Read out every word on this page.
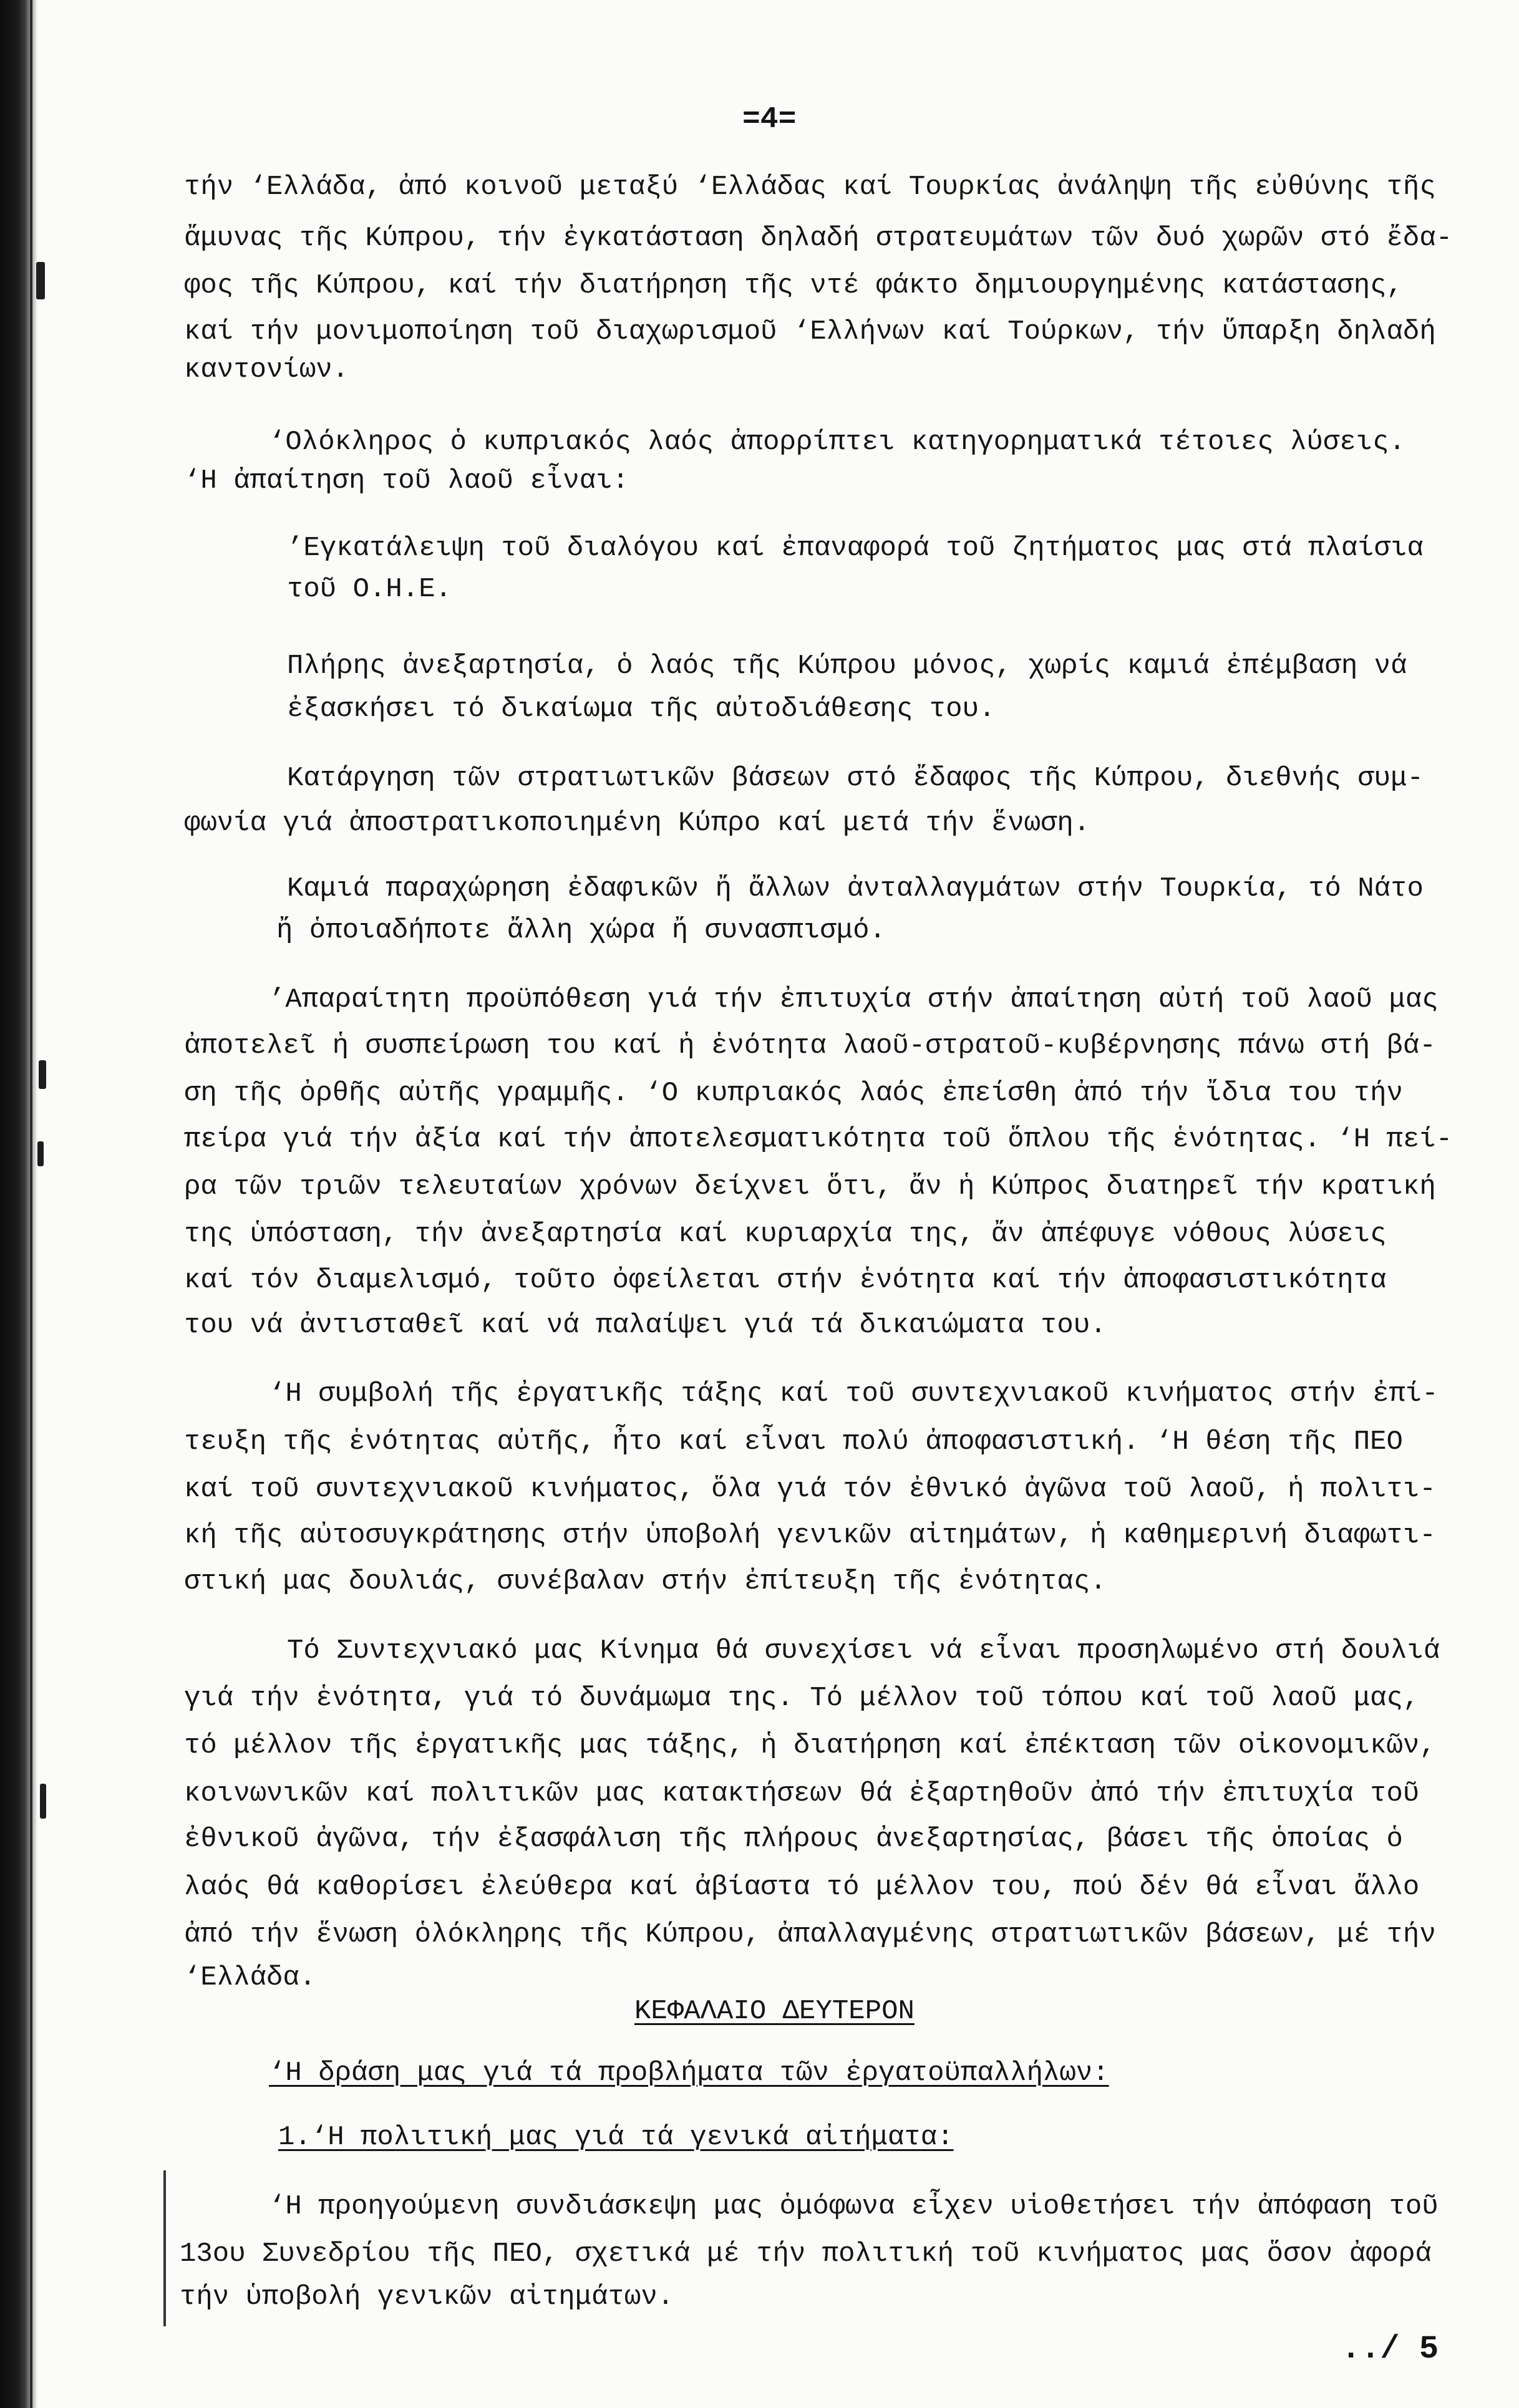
=4=
τήν ‘Ελλάδα, ἀπό κοινοῦ μεταξύ ‘Ελλάδας καί Τουρκίας ἀνάληψη τῆς εὐθύνης τῆς
ἄμυνας τῆς Κύπρου, τήν ἐγκατάσταση δηλαδή στρατευμάτων τῶν δυό χωρῶν στό ἔδα-
φος τῆς Κύπρου, καί τήν διατήρηση τῆς ντέ φάκτο δημιουργημένης κατάστασης,
καί τήν μονιμοποίηση τοῦ διαχωρισμοῦ ‘Ελλήνων καί Τούρκων, τήν ὕπαρξη δηλαδή
καντονίων.
‘Ολόκληρος ὁ κυπριακός λαός ἀπορρίπτει κατηγορηματικά τέτοιες λύσεις.
‘Η ἀπαίτηση τοῦ λαοῦ εἶναι:
’Εγκατάλειψη τοῦ διαλόγου καί ἐπαναφορά τοῦ ζητήματος μας στά πλαίσια
τοῦ Ο.Η.Ε.
Πλήρης ἀνεξαρτησία, ὁ λαός τῆς Κύπρου μόνος, χωρίς καμιά ἐπέμβαση νά
ἐξασκήσει τό δικαίωμα τῆς αὐτοδιάθεσης του.
Κατάργηση τῶν στρατιωτικῶν βάσεων στό ἔδαφος τῆς Κύπρου, διεθνής συμ-
φωνία γιά ἀποστρατικοποιημένη Κύπρο καί μετά τήν ἕνωση.
Καμιά παραχώρηση ἐδαφικῶν ἤ ἄλλων ἀνταλλαγμάτων στήν Τουρκία, τό Νάτο
ἤ ὁποιαδήποτε ἄλλη χώρα ἤ συνασπισμό.
’Απαραίτητη προϋπόθεση γιά τήν ἐπιτυχία στήν ἀπαίτηση αὐτή τοῦ λαοῦ μας
ἀποτελεῖ ἡ συσπείρωση του καί ἡ ἑνότητα λαοῦ-στρατοῦ-κυβέρνησης πάνω στή βά-
ση τῆς ὀρθῆς αὐτῆς γραμμῆς. ‘Ο κυπριακός λαός ἐπείσθη ἀπό τήν ἴδια του τήν
πείρα γιά τήν ἀξία καί τήν ἀποτελεσματικότητα τοῦ ὅπλου τῆς ἑνότητας. ‘Η πεί-
ρα τῶν τριῶν τελευταίων χρόνων δείχνει ὅτι, ἄν ἡ Κύπρος διατηρεῖ τήν κρατική
της ὑπόσταση, τήν ἀνεξαρτησία καί κυριαρχία της, ἄν ἀπέφυγε νόθους λύσεις
καί τόν διαμελισμό, τοῦτο ὀφείλεται στήν ἑνότητα καί τήν ἀποφασιστικότητα
του νά ἀντισταθεῖ καί νά παλαίψει γιά τά δικαιώματα του.
‘Η συμβολή τῆς ἐργατικῆς τάξης καί τοῦ συντεχνιακοῦ κινήματος στήν ἐπί-
τευξη τῆς ἑνότητας αὐτῆς, ἦτο καί εἶναι πολύ ἀποφασιστική. ‘Η θέση τῆς ΠΕΟ
καί τοῦ συντεχνιακοῦ κινήματος, ὅλα γιά τόν ἐθνικό ἀγῶνα τοῦ λαοῦ, ἡ πολιτι-
κή τῆς αὐτοσυγκράτησης στήν ὑποβολή γενικῶν αἰτημάτων, ἡ καθημερινή διαφωτι-
στική μας δουλιάς, συνέβαλαν στήν ἐπίτευξη τῆς ἑνότητας.
Τό Συντεχνιακό μας Κίνημα θά συνεχίσει νά εἶναι προσηλωμένο στή δουλιά
γιά τήν ἑνότητα, γιά τό δυνάμωμα της. Τό μέλλον τοῦ τόπου καί τοῦ λαοῦ μας,
τό μέλλον τῆς ἐργατικῆς μας τάξης, ἡ διατήρηση καί ἐπέκταση τῶν οἰκονομικῶν,
κοινωνικῶν καί πολιτικῶν μας κατακτήσεων θά ἐξαρτηθοῦν ἀπό τήν ἐπιτυχία τοῦ
ἐθνικοῦ ἀγῶνα, τήν ἐξασφάλιση τῆς πλήρους ἀνεξαρτησίας, βάσει τῆς ὁποίας ὁ
λαός θά καθορίσει ἐλεύθερα καί ἀβίαστα τό μέλλον του, πού δέν θά εἶναι ἄλλο
ἀπό τήν ἕνωση ὁλόκληρης τῆς Κύπρου, ἀπαλλαγμένης στρατιωτικῶν βάσεων, μέ τήν
‘Ελλάδα.
ΚΕΦΑΛΑΙΟ ΔΕΥΤΕΡΟΝ
‘Η δράση μας γιά τά προβλήματα τῶν ἐργατοϋπαλλήλων:
1.‘Η πολιτική μας γιά τά γενικά αἰτήματα:
‘Η προηγούμενη συνδιάσκεψη μας ὁμόφωνα εἶχεν υἱοθετήσει τήν ἀπόφαση τοῦ
13ου Συνεδρίου τῆς ΠΕΟ, σχετικά μέ τήν πολιτική τοῦ κινήματος μας ὅσον ἀφορά
τήν ὑποβολή γενικῶν αἰτημάτων.
../ 5
